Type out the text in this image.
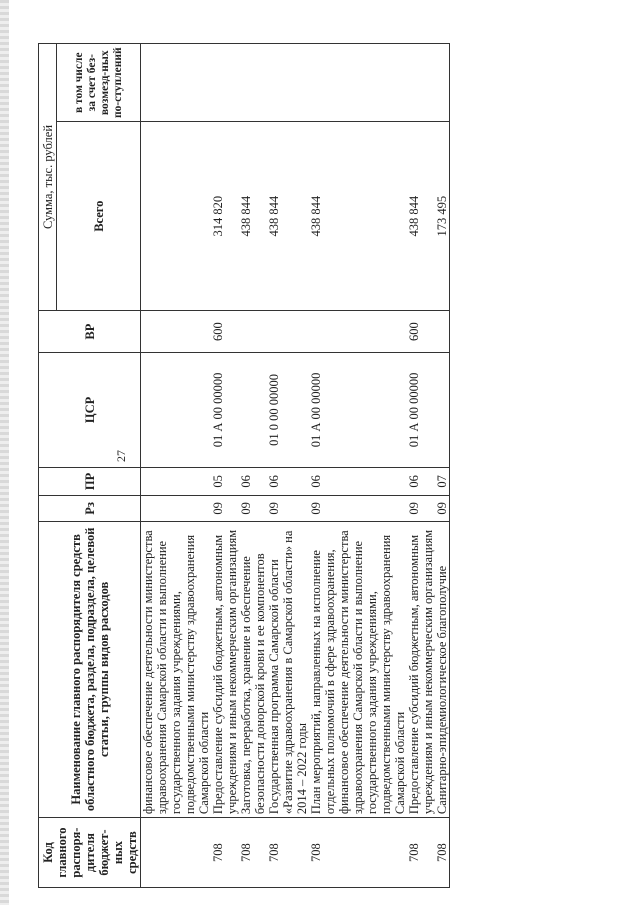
27
Код главного распоря-дителя бюджет-ных средств	Наименование главного распорядителя средств областного бюджета, раздела, подраздела, целевой статьи, группы видов расходов	Рз	ПР	ЦСР	ВР	Сумма, тыс. рублей	
						Всего	в том числе за счет без-возмезд-ных по-ступлений
	финансовое обеспечение деятельности министерства здравоохранения Самарской области и выполнение государственного задания учреждениями, подведомственными министерству здравоохранения Самарской области						
708	Предоставление субсидий бюджетным, автономным учреждениям и иным некоммерческим организациям	09	05	01 А 00 00000	600	314 820	
708	Заготовка, переработка, хранение и обеспечение безопасности донорской крови и ее компонентов	09	06			438 844	
708	Государственная программа Самарской области «Развитие здравоохранения в Самарской области» на 2014 – 2022 годы	09	06	01 0 00 00000		438 844	
708	План мероприятий, направленных на исполнение отдельных полномочий в сфере здравоохранения, финансовое обеспечение деятельности министерства здравоохранения Самарской области и выполнение государственного задания учреждениями, подведомственными министерству здравоохранения Самарской области	09	06	01 А 00 00000		438 844	
708	Предоставление субсидий бюджетным, автономным учреждениям и иным некоммерческим организациям	09	06	01 А 00 00000	600	438 844	
708	Санитарно-эпидемиологическое благополучие	09	07			173 495	
